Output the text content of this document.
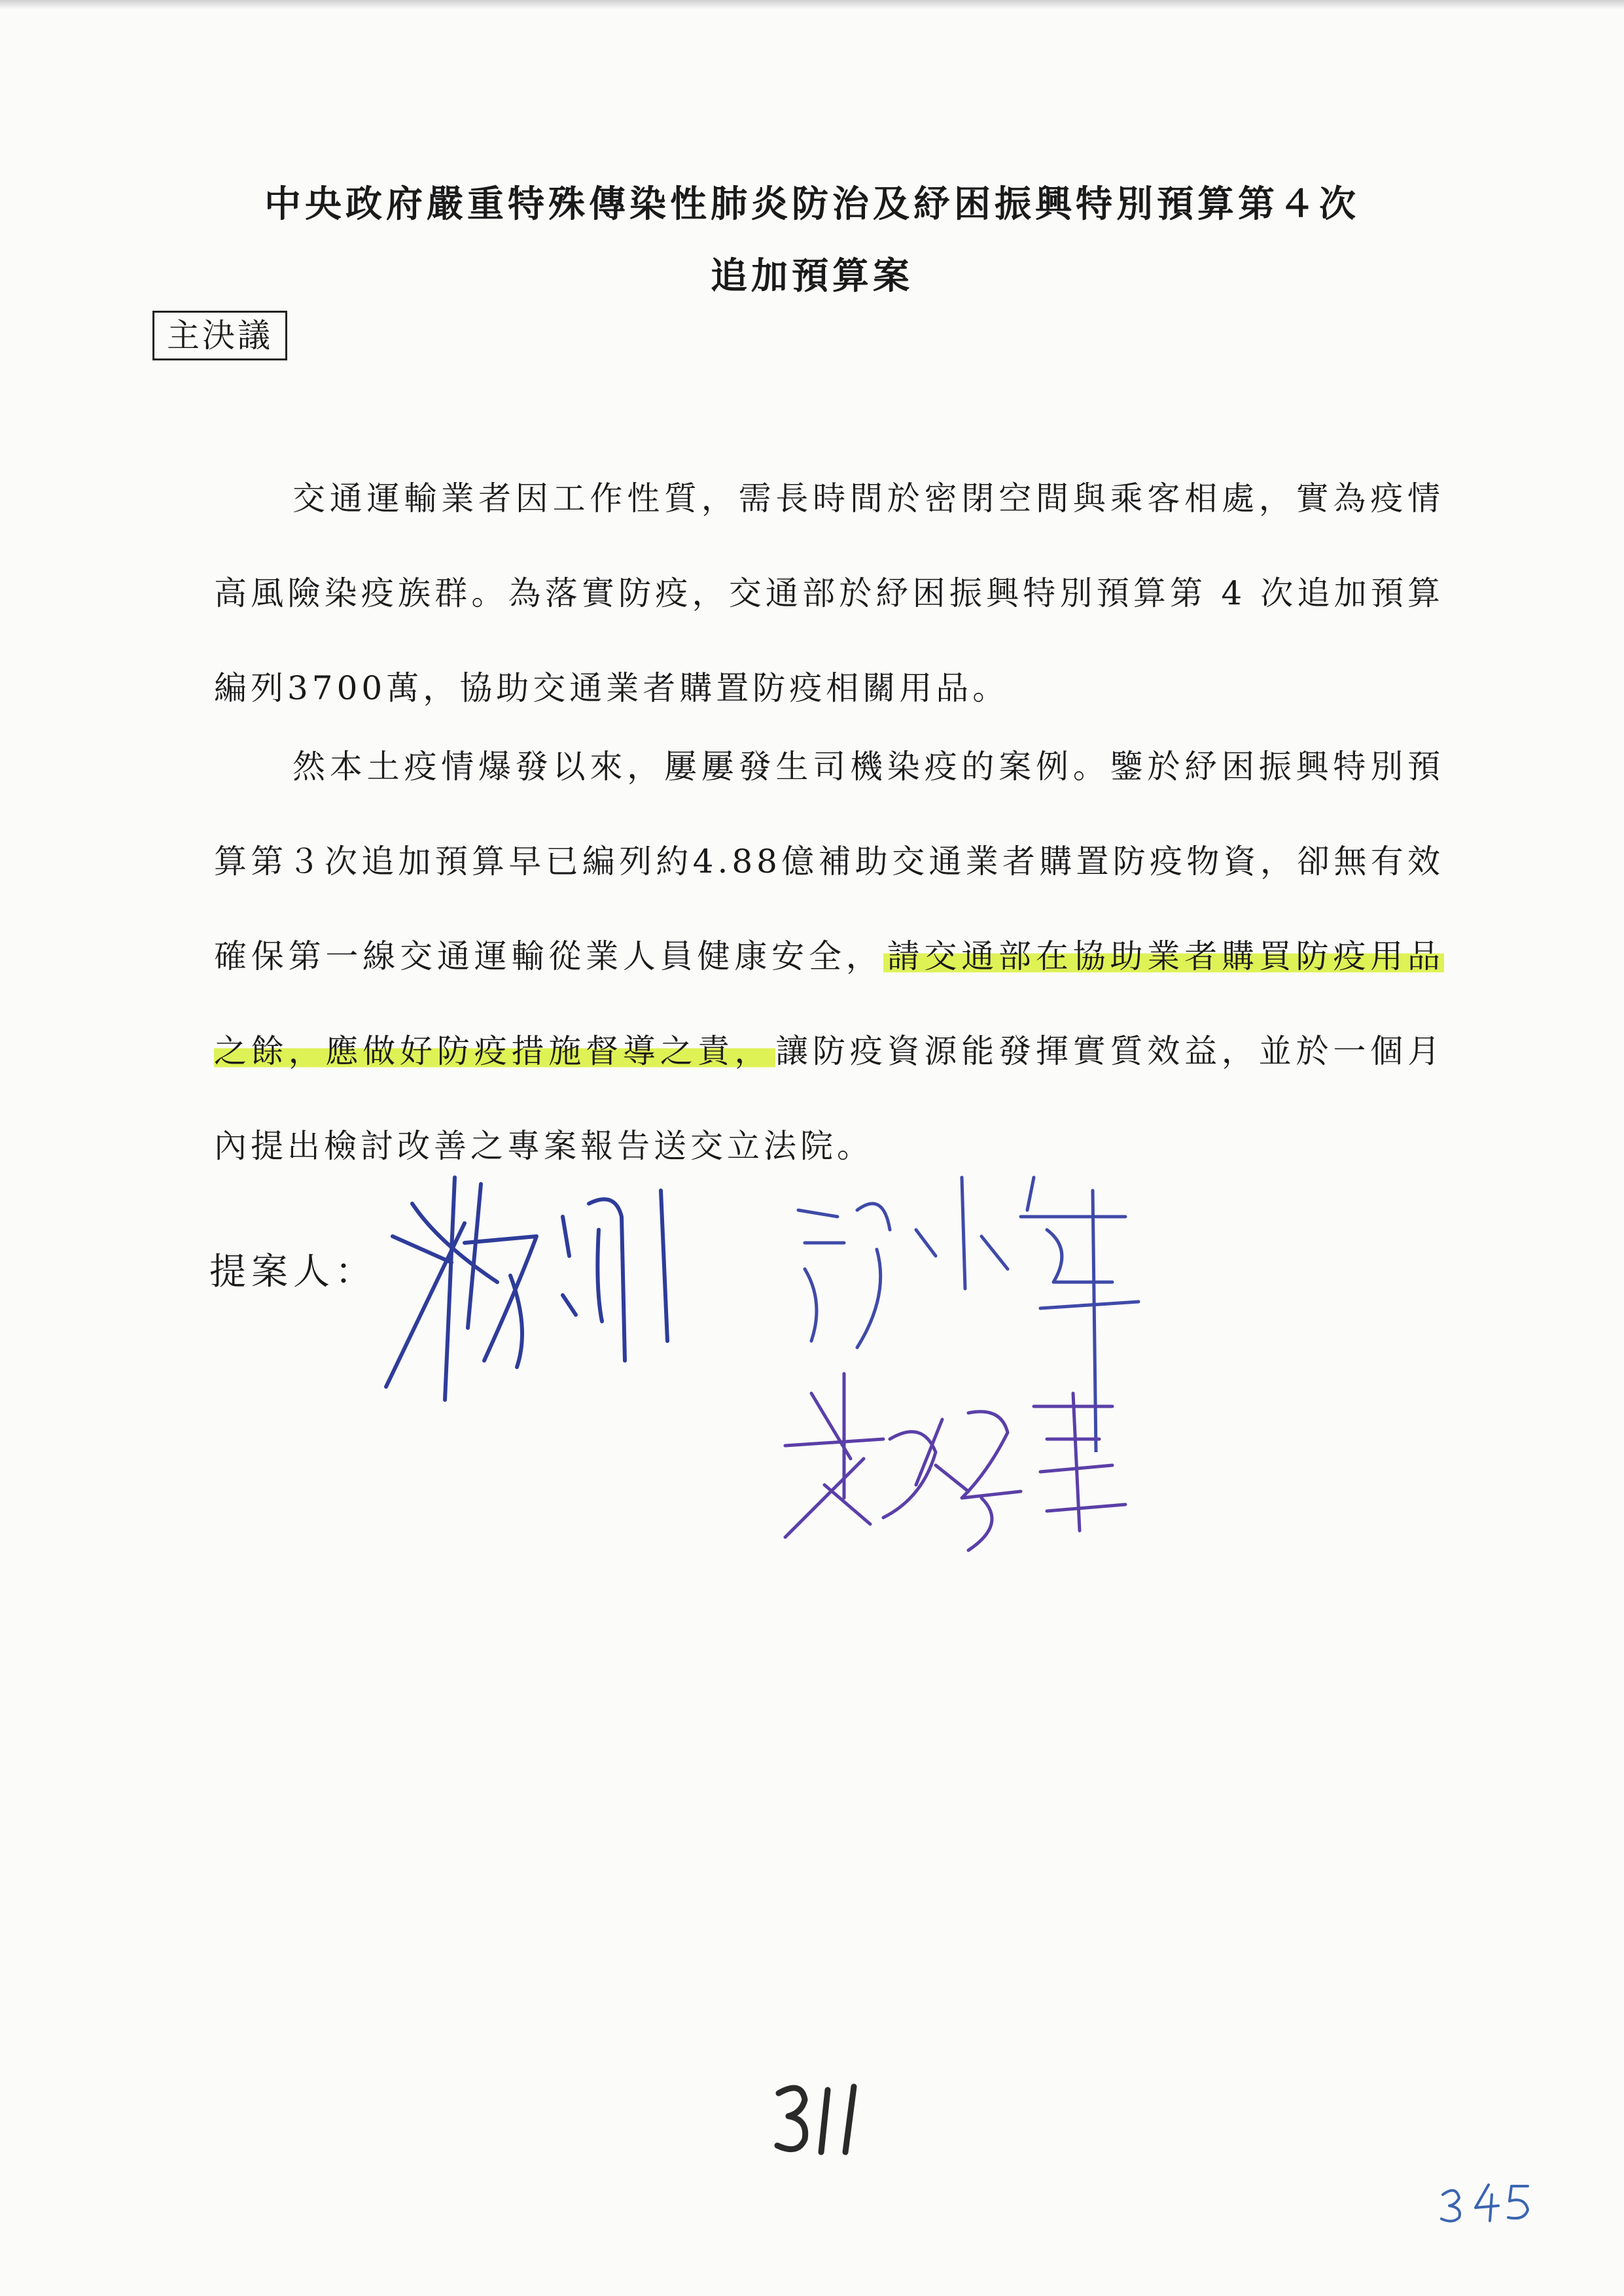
中央政府嚴重特殊傳染性肺炎防治及紓困振興特別預算第４次
追加預算案
主決議
交通運輸業者因工作性質，需長時間於密閉空間與乘客相處，實為疫情高風險染疫族群。為落實防疫，交通部於紓困振興特別預算第 4 次追加預算編列3700萬，協助交通業者購置防疫相關用品。
然本土疫情爆發以來，屢屢發生司機染疫的案例。鑒於紓困振興特別預算第３次追加預算早已編列約4.88億補助交通業者購置防疫物資，卻無有效確保第一線交通運輸從業人員健康安全， 請交通部在協助業者購買防疫用品之餘，應做好防疫措施督導之責， 讓防疫資源能發揮實質效益，並於一個月內提出檢討改善之專案報告送交立法院。
提案人：
